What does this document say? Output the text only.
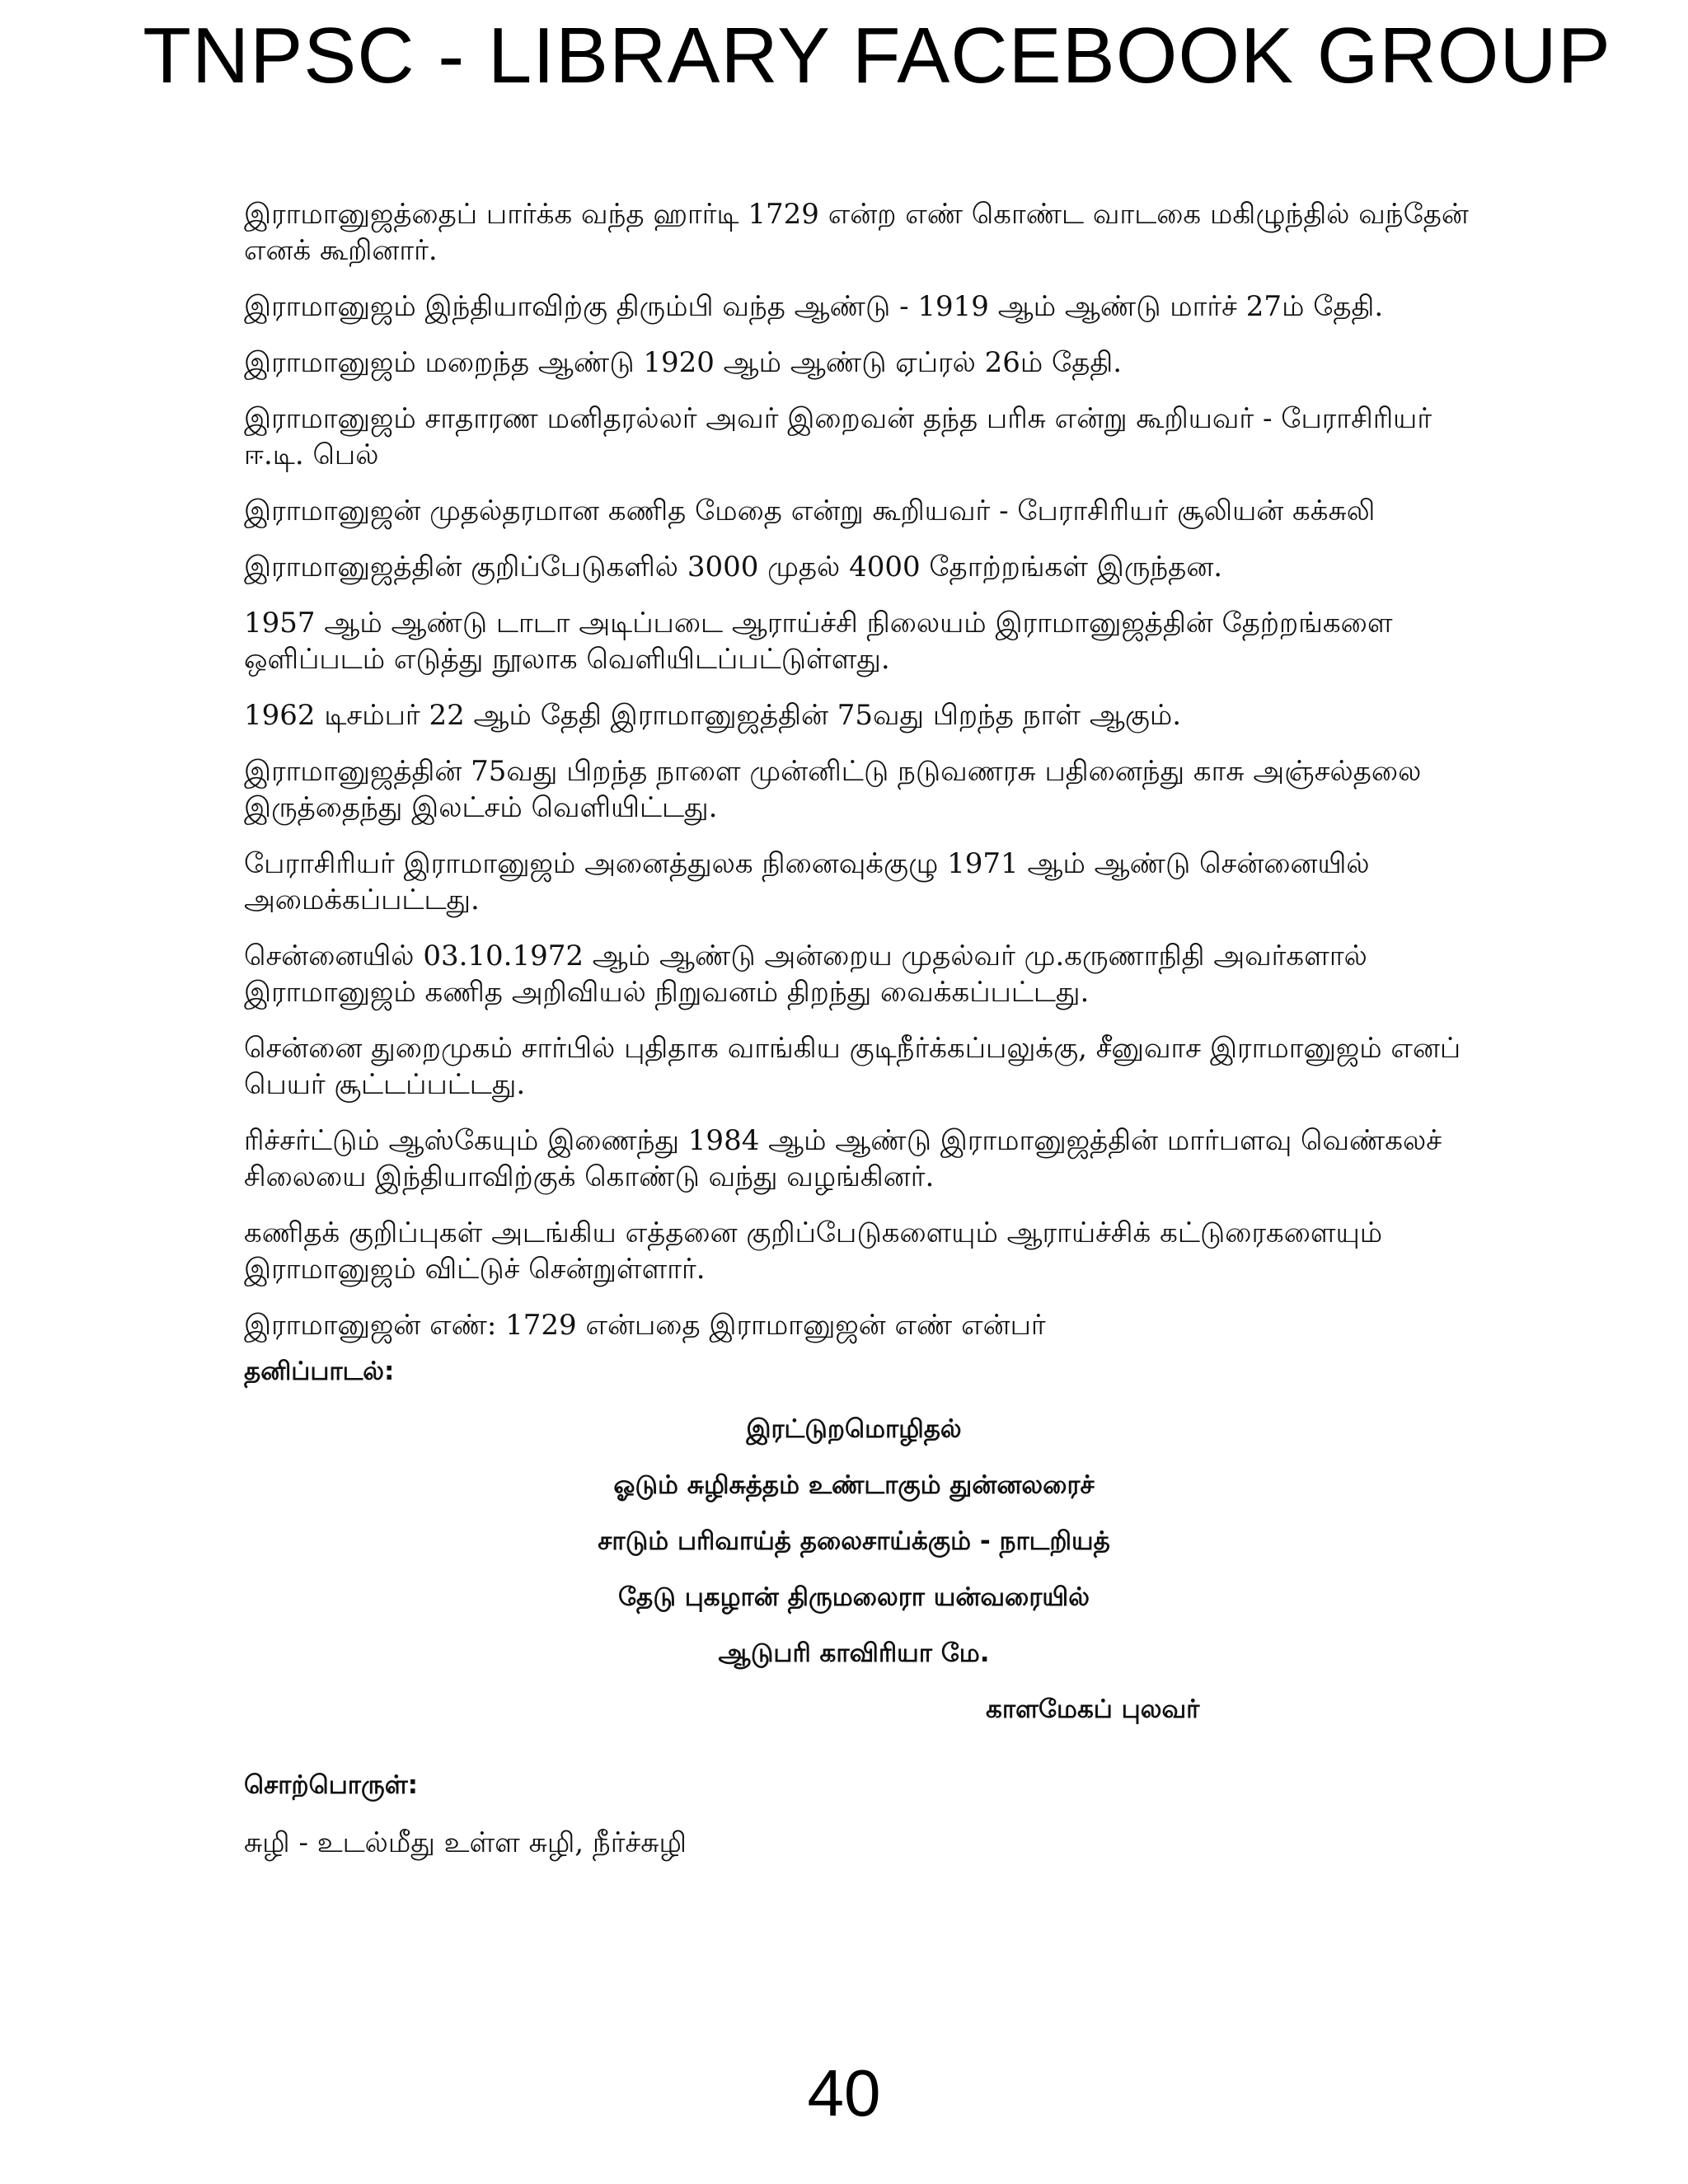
TNPSC - LIBRARY FACEBOOK GROUP

இராமானுஜத்தைப் பார்க்க வந்த ஹார்டி 1729 என்ற எண் கொண்ட வாடகை மகிழுந்தில் வந்தேன் எனக் கூறினார்.

இராமானுஜம் இந்தியாவிற்கு திரும்பி வந்த ஆண்டு - 1919 ஆம் ஆண்டு மார்ச் 27ம் தேதி.

இராமானுஜம் மறைந்த ஆண்டு 1920 ஆம் ஆண்டு ஏப்ரல் 26ம் தேதி.

இராமானுஜம் சாதாரண மனிதரல்லர் அவர் இறைவன் தந்த பரிசு என்று கூறியவர் - பேராசிரியர் ஈ.டி. பெல்

இராமானுஜன் முதல்தரமான கணித மேதை என்று கூறியவர் - பேராசிரியர் சூலியன் கக்சுலி

இராமானுஜத்தின் குறிப்பேடுகளில் 3000 முதல் 4000 தோற்றங்கள் இருந்தன.

1957 ஆம் ஆண்டு டாடா அடிப்படை ஆராய்ச்சி நிலையம் இராமானுஜத்தின் தேற்றங்களை ஒளிப்படம் எடுத்து நூலாக வெளியிடப்பட்டுள்ளது.

1962 டிசம்பர் 22 ஆம் தேதி இராமானுஜத்தின் 75வது பிறந்த நாள் ஆகும்.

இராமானுஜத்தின் 75வது பிறந்த நாளை முன்னிட்டு நடுவணரசு பதினைந்து காசு அஞ்சல்தலை இருத்தைந்து இலட்சம் வெளியிட்டது.

பேராசிரியர் இராமானுஜம் அனைத்துலக நினைவுக்குழு 1971 ஆம் ஆண்டு சென்னையில் அமைக்கப்பட்டது.

சென்னையில் 03.10.1972 ஆம் ஆண்டு அன்றைய முதல்வர் மு.கருணாநிதி அவர்களால் இராமானுஜம் கணித அறிவியல் நிறுவனம் திறந்து வைக்கப்பட்டது.

சென்னை துறைமுகம் சார்பில் புதிதாக வாங்கிய குடிநீர்க்கப்பலுக்கு, சீனுவாச இராமானுஜம் எனப் பெயர் சூட்டப்பட்டது.

ரிச்சர்ட்டும் ஆஸ்கேயும் இணைந்து 1984 ஆம் ஆண்டு இராமானுஜத்தின் மார்பளவு வெண்கலச் சிலையை இந்தியாவிற்குக் கொண்டு வந்து வழங்கினர்.

கணிதக் குறிப்புகள் அடங்கிய எத்தனை குறிப்பேடுகளையும் ஆராய்ச்சிக் கட்டுரைகளையும் இராமானுஜம் விட்டுச் சென்றுள்ளார்.

இராமானுஜன் எண்: 1729 என்பதை இராமானுஜன் எண் என்பர்

தனிப்பாடல்:
இரட்டுறமொழிதல்
ஓடும் சுழிசுத்தம் உண்டாகும் துன்னலரைச்
சாடும் பரிவாய்த் தலைசாய்க்கும் - நாடறியத்
தேடு புகழான் திருமலைரா யன்வரையில்
ஆடுபரி காவிரியா மே.
காளமேகப் புலவர்
சொற்பொருள்:

சுழி - உடல்மீது உள்ள சுழி, நீர்ச்சுழி

40
